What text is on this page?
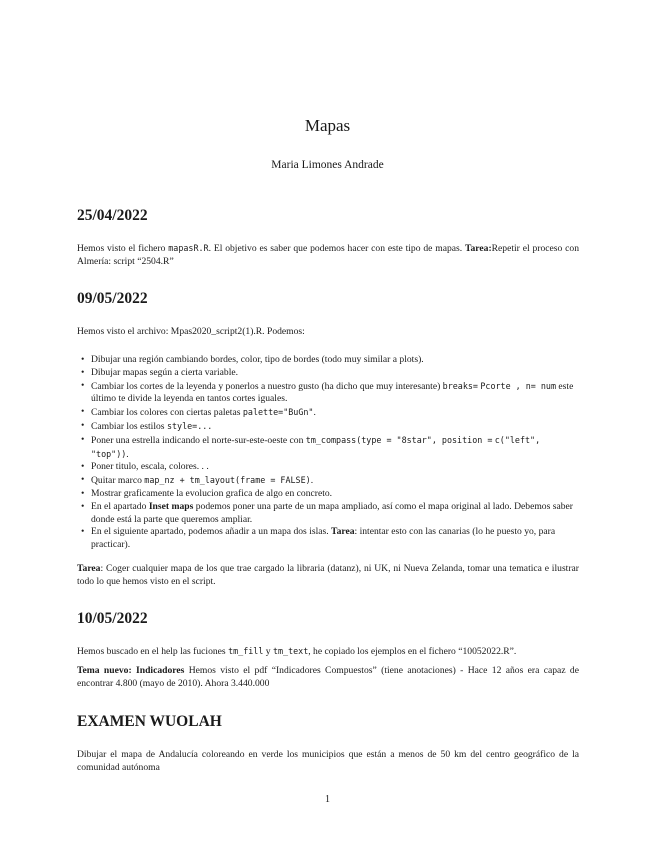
Mapas
Maria Limones Andrade
25/04/2022

Hemos visto el fichero mapasR.R. El objetivo es saber que podemos hacer con este tipo de mapas. Tarea:Repetir el proceso con Almería: script “2504.R”

09/05/2022

Hemos visto el archivo: Mpas2020_script2(1).R. Podemos:

• Dibujar una región cambiando bordes, color, tipo de bordes (todo muy similar a plots).
• Dibujar mapas según a cierta variable.
• Cambiar los cortes de la leyenda y ponerlos a nuestro gusto (ha dicho que muy interesante) breaks= Pcorte , n= num este último te divide la leyenda en tantos cortes iguales.
• Cambiar los colores con ciertas paletas palette="BuGn".
• Cambiar los estilos style=...
• Poner una estrella indicando el norte-sur-este-oeste con tm_compass(type = "8star", position = c("left", "top")).
• Poner titulo, escala, colores. . .
• Quitar marco map_nz + tm_layout(frame = FALSE).
• Mostrar graficamente la evolucion grafica de algo en concreto.
• En el apartado Inset maps podemos poner una parte de un mapa ampliado, así como el mapa original al lado. Debemos saber donde está la parte que queremos ampliar.
• En el siguiente apartado, podemos añadir a un mapa dos islas. Tarea: intentar esto con las canarias (lo he puesto yo, para practicar).

Tarea: Coger cualquier mapa de los que trae cargado la libraria (datanz), ni UK, ni Nueva Zelanda, tomar una tematica e ilustrar todo lo que hemos visto en el script.

10/05/2022

Hemos buscado en el help las fuciones tm_fill y tm_text, he copiado los ejemplos en el fichero “10052022.R”.

Tema nuevo: Indicadores Hemos visto el pdf “Indicadores Compuestos” (tiene anotaciones) - Hace 12 años era capaz de encontrar 4.800 (mayo de 2010). Ahora 3.440.000

EXAMEN WUOLAH

Dibujar el mapa de Andalucía coloreando en verde los municipios que están a menos de 50 km del centro geográfico de la comunidad autónoma

1
